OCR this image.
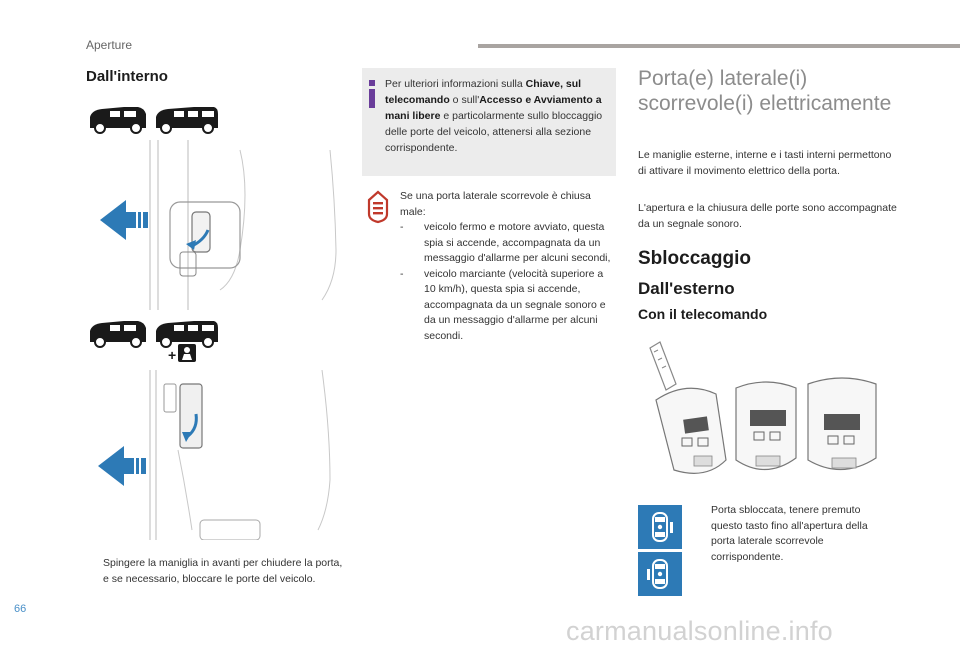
Aperture
Dall'interno
+
Spingere la maniglia in avanti per chiudere la porta, e se necessario, bloccare le porte del veicolo.
Per ulteriori informazioni sulla Chiave, sul telecomando o sull'Accesso e Avviamento a mani libere e particolarmente sullo bloccaggio delle porte del veicolo, attenersi alla sezione corrispondente.
Se una porta laterale scorrevole è chiusa male:
- veicolo fermo e motore avviato, questa spia si accende, accompagnata da un messaggio d'allarme per alcuni secondi,
- veicolo marciante (velocità superiore a 10 km/h), questa spia si accende, accompagnata da un segnale sonoro e da un messaggio d'allarme per alcuni secondi.
Porta(e) laterale(i) scorrevole(i) elettricamente
Le maniglie esterne, interne e i tasti interni permettono di attivare il movimento elettrico della porta.
L'apertura e la chiusura delle porte sono accompagnate da un segnale sonoro.
Sbloccaggio
Dall'esterno
Con il telecomando
Porta sbloccata, tenere premuto questo tasto fino all'apertura della porta laterale scorrevole corrispondente.
66
carmanualsonline.info
